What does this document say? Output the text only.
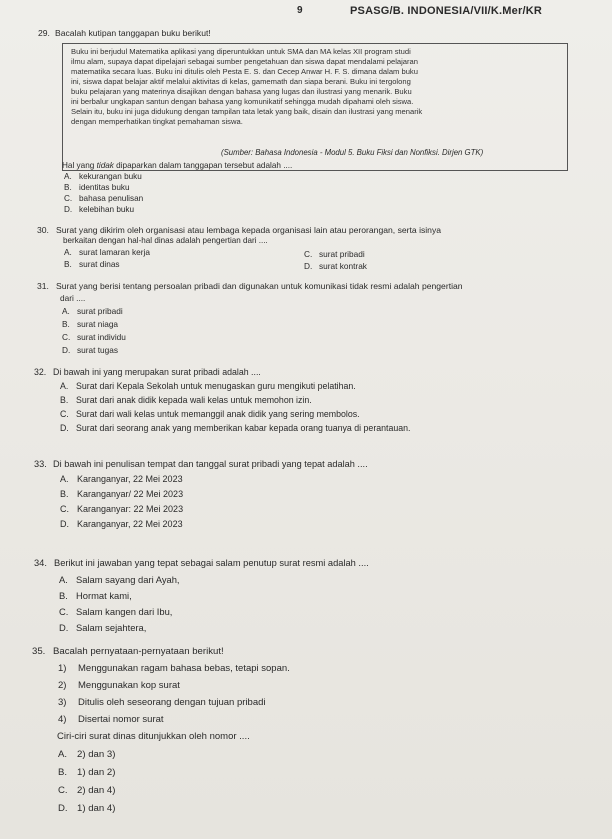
9	PSASG/B. INDONESIA/VII/K.Mer/KR
29. Bacalah kutipan tanggapan buku berikut!
Buku ini berjudul Matematika aplikasi yang diperuntukkan untuk SMA dan MA kelas XII program studi
ilmu alam, supaya dapat dipelajari sebagai sumber pengetahuan dan siswa dapat mendalami pelajaran
matematika secara luas. Buku ini ditulis oleh Pesta E. S. dan Cecep Anwar H. F. S. dimana dalam buku
ini, siswa dapat belajar aktif melalui aktivitas di kelas, gamemath dan siapa berani. Buku ini tergolong
buku pelajaran yang materinya disajikan dengan bahasa yang lugas dan ilustrasi yang menarik. Buku
ini berbalur ungkapan santun dengan bahasa yang komunikatif sehingga mudah dipahami oleh siswa.
Selain itu, buku ini juga didukung dengan tampilan tata letak yang baik, disain dan ilustrasi yang menarik
dengan memperhatikan tingkat pemahaman siswa.
(Sumber: Bahasa Indonesia - Modul 5. Buku Fiksi dan Nonfiksi. Dirjen GTK)
Hal yang tidak dipaparkan dalam tanggapan tersebut adalah ....
A. kekurangan buku
B. identitas buku
C. bahasa penulisan
D. kelebihan buku
30. Surat yang dikirim oleh organisasi atau lembaga kepada organisasi lain atau perorangan, serta isinya
berkaitan dengan hal-hal dinas adalah pengertian dari ....
A. surat lamaran kerja	C. surat pribadi
B. surat dinas	D. surat kontrak
31. Surat yang berisi tentang persoalan pribadi dan digunakan untuk komunikasi tidak resmi adalah pengertian
dari ....
A. surat pribadi
B. surat niaga
C. surat individu
D. surat tugas
32. Di bawah ini yang merupakan surat pribadi adalah ....
A. Surat dari Kepala Sekolah untuk menugaskan guru mengikuti pelatihan.
B. Surat dari anak didik kepada wali kelas untuk memohon izin.
C. Surat dari wali kelas untuk memanggil anak didik yang sering membolos.
D. Surat dari seorang anak yang memberikan kabar kepada orang tuanya di perantauan.
33. Di bawah ini penulisan tempat dan tanggal surat pribadi yang tepat adalah ....
A. Karanganyar, 22 Mei 2023
B. Karanganyar/ 22 Mei 2023
C. Karanganyar: 22 Mei 2023
D. Karanganyar, 22 Mei 2023
34. Berikut ini jawaban yang tepat sebagai salam penutup surat resmi adalah ....
A. Salam sayang dari Ayah,
B. Hormat kami,
C. Salam kangen dari Ibu,
D. Salam sejahtera,
35. Bacalah pernyataan-pernyataan berikut!
1) Menggunakan ragam bahasa bebas, tetapi sopan.
2) Menggunakan kop surat
3) Ditulis oleh seseorang dengan tujuan pribadi
4) Disertai nomor surat
Ciri-ciri surat dinas ditunjukkan oleh nomor ....
A. 2) dan 3)
B. 1) dan 2)
C. 2) dan 4)
D. 1) dan 4)
